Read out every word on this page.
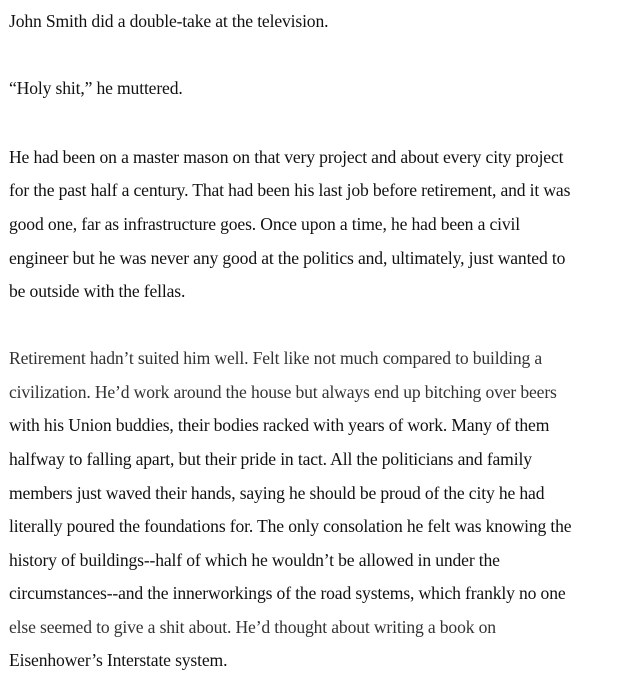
John Smith did a double-take at the television.
“Holy shit,” he muttered.
He had been on a master mason on that very project and about every city project
for the past half a century. That had been his last job before retirement, and it was
good one, far as infrastructure goes. Once upon a time, he had been a civil
engineer but he was never any good at the politics and, ultimately, just wanted to
be outside with the fellas.
Retirement hadn’t suited him well. Felt like not much compared to building a
civilization. He’d work around the house but always end up bitching over beers
with his Union buddies, their bodies racked with years of work. Many of them
halfway to falling apart, but their pride in tact. All the politicians and family
members just waved their hands, saying he should be proud of the city he had
literally poured the foundations for. The only consolation he felt was knowing the
history of buildings--half of which he wouldn’t be allowed in under the
circumstances--and the innerworkings of the road systems, which frankly no one
else seemed to give a shit about. He’d thought about writing a book on
Eisenhower’s Interstate system.
